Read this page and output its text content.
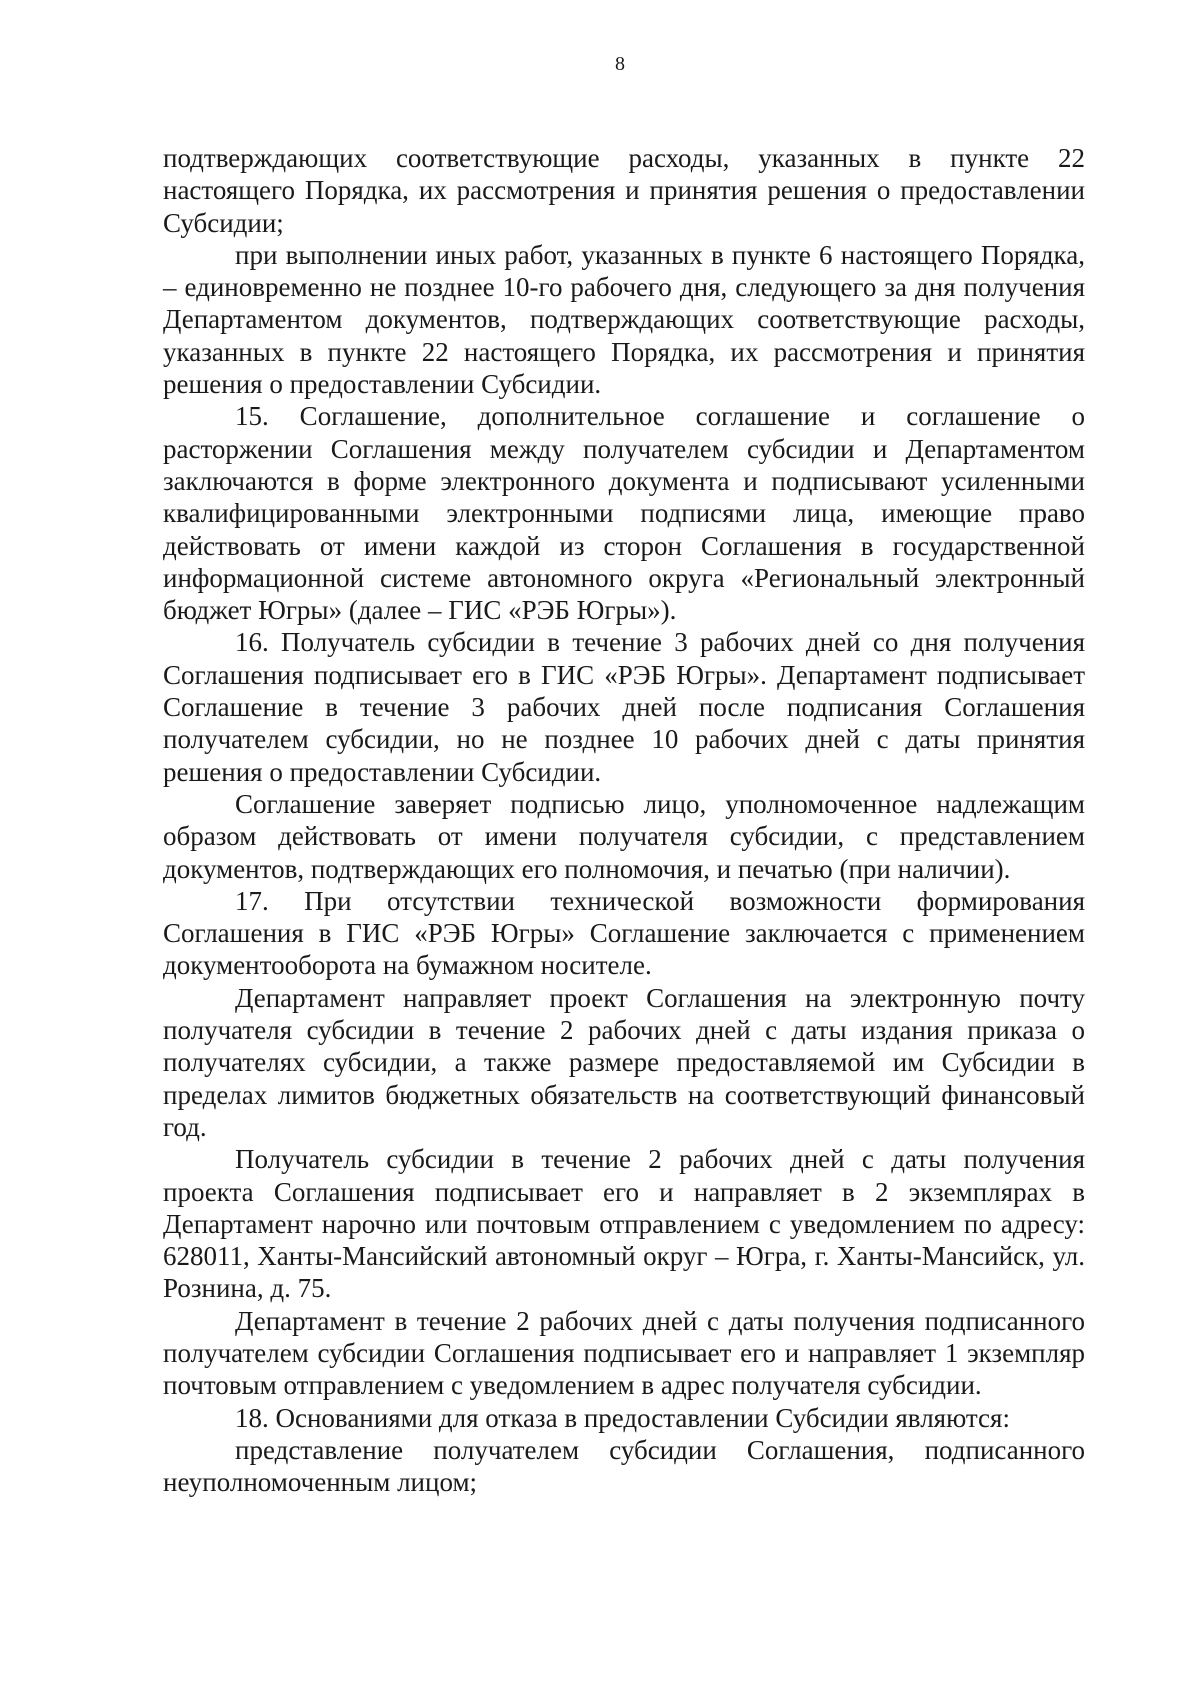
8

подтверждающих соответствующие расходы, указанных в пункте 22 настоящего Порядка, их рассмотрения и принятия решения о предоставлении Субсидии;

при выполнении иных работ, указанных в пункте 6 настоящего Порядка, – единовременно не позднее 10-го рабочего дня, следующего за дня получения Департаментом документов, подтверждающих соответствующие расходы, указанных в пункте 22 настоящего Порядка, их рассмотрения и принятия решения о предоставлении Субсидии.

15. Соглашение, дополнительное соглашение и соглашение о расторжении Соглашения между получателем субсидии и Департаментом заключаются в форме электронного документа и подписывают усиленными квалифицированными электронными подписями лица, имеющие право действовать от имени каждой из сторон Соглашения в государственной информационной системе автономного округа «Региональный электронный бюджет Югры» (далее – ГИС «РЭБ Югры»).

16. Получатель субсидии в течение 3 рабочих дней со дня получения Соглашения подписывает его в ГИС «РЭБ Югры». Департамент подписывает Соглашение в течение 3 рабочих дней после подписания Соглашения получателем субсидии, но не позднее 10 рабочих дней с даты принятия решения о предоставлении Субсидии.

Соглашение заверяет подписью лицо, уполномоченное надлежащим образом действовать от имени получателя субсидии, с представлением документов, подтверждающих его полномочия, и печатью (при наличии).

17. При отсутствии технической возможности формирования Соглашения в ГИС «РЭБ Югры» Соглашение заключается с применением документооборота на бумажном носителе.

Департамент направляет проект Соглашения на электронную почту получателя субсидии в течение 2 рабочих дней с даты издания приказа о получателях субсидии, а также размере предоставляемой им Субсидии в пределах лимитов бюджетных обязательств на соответствующий финансовый год.

Получатель субсидии в течение 2 рабочих дней с даты получения проекта Соглашения подписывает его и направляет в 2 экземплярах в Департамент нарочно или почтовым отправлением с уведомлением по адресу: 628011, Ханты-Мансийский автономный округ – Югра, г. Ханты-Мансийск, ул. Рознина, д. 75.

Департамент в течение 2 рабочих дней с даты получения подписанного получателем субсидии Соглашения подписывает его и направляет 1 экземпляр почтовым отправлением с уведомлением в адрес получателя субсидии.

18. Основаниями для отказа в предоставлении Субсидии являются:

представление получателем субсидии Соглашения, подписанного неуполномоченным лицом;
